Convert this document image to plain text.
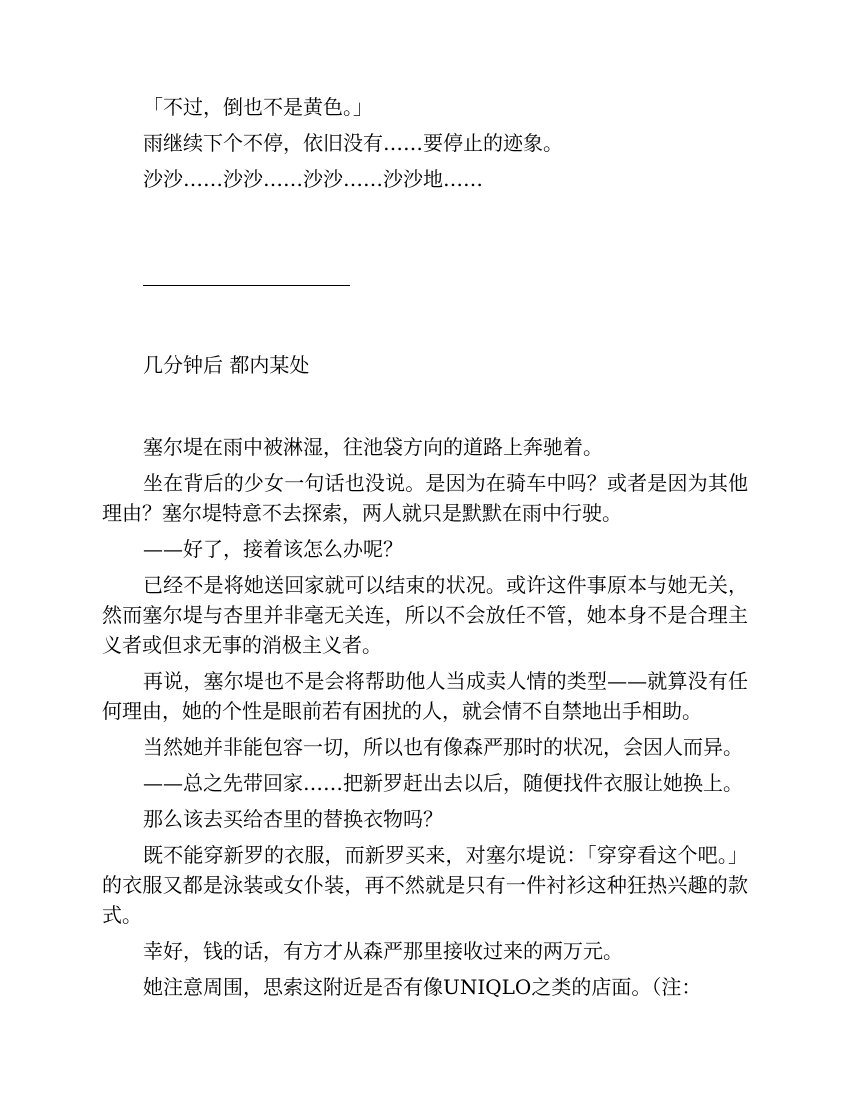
「不过，倒也不是黄色。」

雨继续下个不停，依旧没有……要停止的迹象。

沙沙……沙沙……沙沙……沙沙地……

几分钟后 都内某处

塞尔堤在雨中被淋湿，往池袋方向的道路上奔驰着。

坐在背后的少女一句话也没说。是因为在骑车中吗？或者是因为其他理由？塞尔堤特意不去探索，两人就只是默默在雨中行驶。

——好了，接着该怎么办呢？

已经不是将她送回家就可以结束的状况。或许这件事原本与她无关，然而塞尔堤与杏里并非毫无关连，所以不会放任不管，她本身不是合理主义者或但求无事的消极主义者。

再说，塞尔堤也不是会将帮助他人当成卖人情的类型——就算没有任何理由，她的个性是眼前若有困扰的人，就会情不自禁地出手相助。

当然她并非能包容一切，所以也有像森严那时的状况，会因人而异。

——总之先带回家……把新罗赶出去以后，随便找件衣服让她换上。

那么该去买给杏里的替换衣物吗？

既不能穿新罗的衣服，而新罗买来，对塞尔堤说：「穿穿看这个吧。」的衣服又都是泳装或女仆装，再不然就是只有一件衬衫这种狂热兴趣的款式。

幸好，钱的话，有方才从森严那里接收过来的两万元。

她注意周围，思索这附近是否有像UNIQLO之类的店面。（注：
